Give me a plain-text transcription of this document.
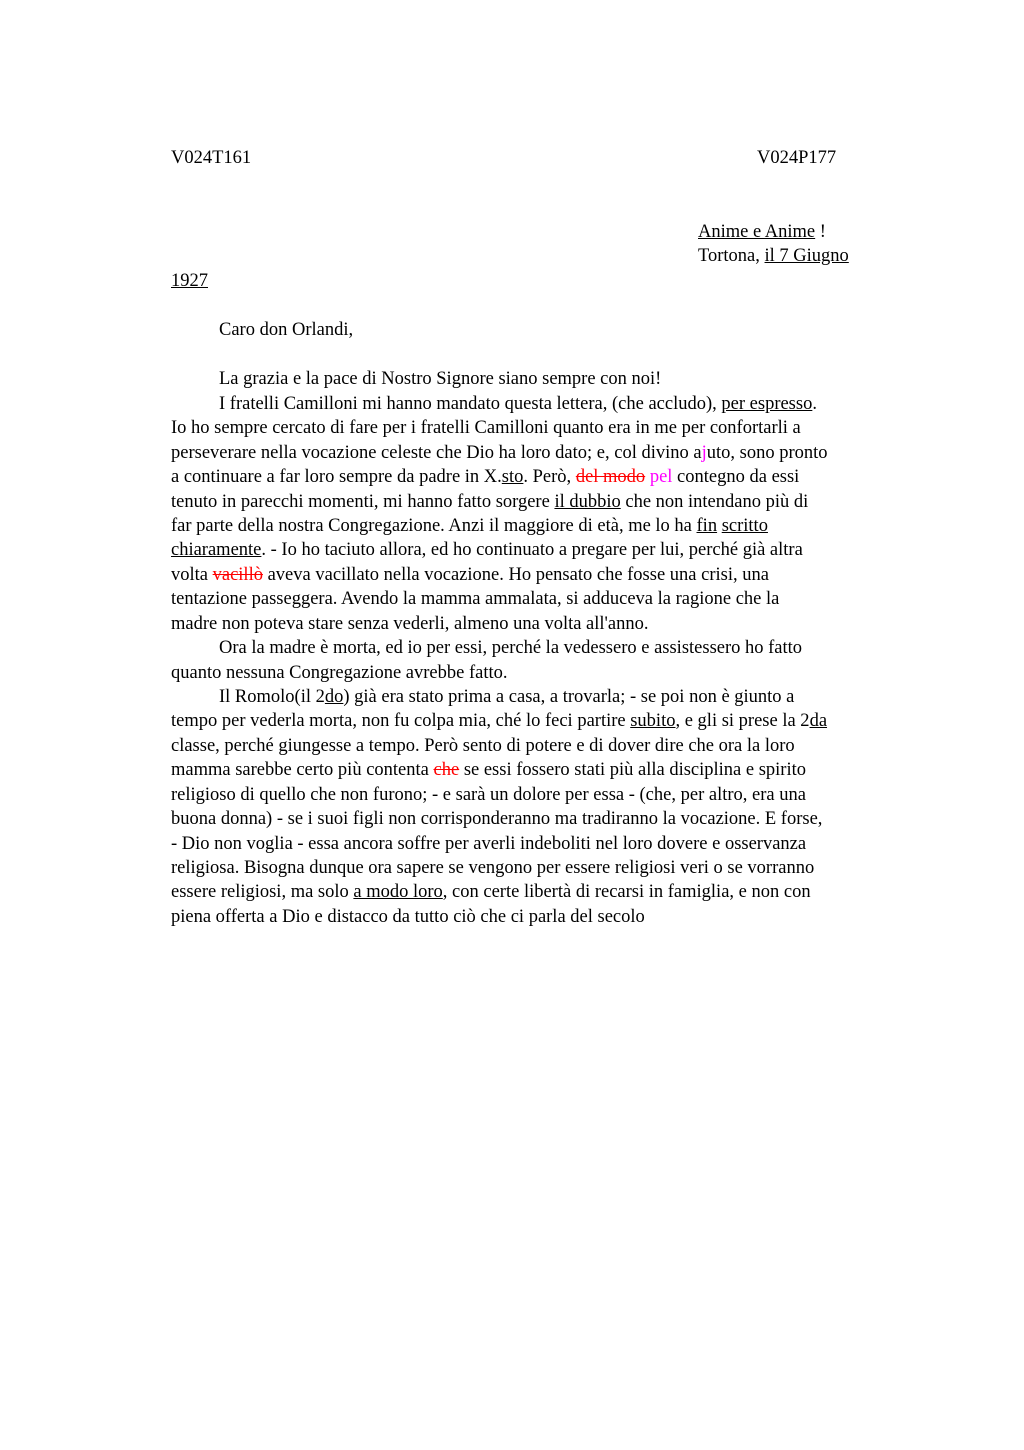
V024T161	V024P177
Anime e Anime !
Tortona, il 7 Giugno
1927
Caro don Orlandi,
La grazia e la pace di Nostro Signore siano sempre con noi!
I fratelli Camilloni mi hanno mandato questa lettera, (che accludo), per espresso.
Io ho sempre cercato di fare per i fratelli Camilloni quanto era in me per confortarli a
perseverare nella vocazione celeste che Dio ha loro dato; e, col divino ajuto, sono pronto
a continuare a far loro sempre da padre in X.sto. Però, del modo pel contegno da essi
tenuto in parecchi momenti, mi hanno fatto sorgere il dubbio che non intendano più di
far parte della nostra Congregazione. Anzi il maggiore di età, me lo ha fin scritto
chiaramente. - Io ho taciuto allora, ed ho continuato a pregare per lui, perché già altra
volta vacillò aveva vacillato nella vocazione. Ho pensato che fosse una crisi, una
tentazione passeggera. Avendo la mamma ammalata, si adduceva la ragione che la
madre non poteva stare senza vederli, almeno una volta all'anno.
Ora la madre è morta, ed io per essi, perché la vedessero e assistessero ho fatto
quanto nessuna Congregazione avrebbe fatto.
Il Romolo(il 2do) già era stato prima a casa, a trovarla; - se poi non è giunto a
tempo per vederla morta, non fu colpa mia, ché lo feci partire subito, e gli si prese la 2da
classe, perché giungesse a tempo. Però sento di potere e di dover dire che ora la loro
mamma sarebbe certo più contenta che se essi fossero stati più alla disciplina e spirito
religioso di quello che non furono; - e sarà un dolore per essa - (che, per altro, era una
buona donna) - se i suoi figli non corrisponderanno ma tradiranno la vocazione. E forse,
- Dio non voglia - essa ancora soffre per averli indeboliti nel loro dovere e osservanza
religiosa. Bisogna dunque ora sapere se vengono per essere religiosi veri o se vorranno
essere religiosi, ma solo a modo loro, con certe libertà di recarsi in famiglia, e non con
piena offerta a Dio e distacco da tutto ciò che ci parla del secolo
